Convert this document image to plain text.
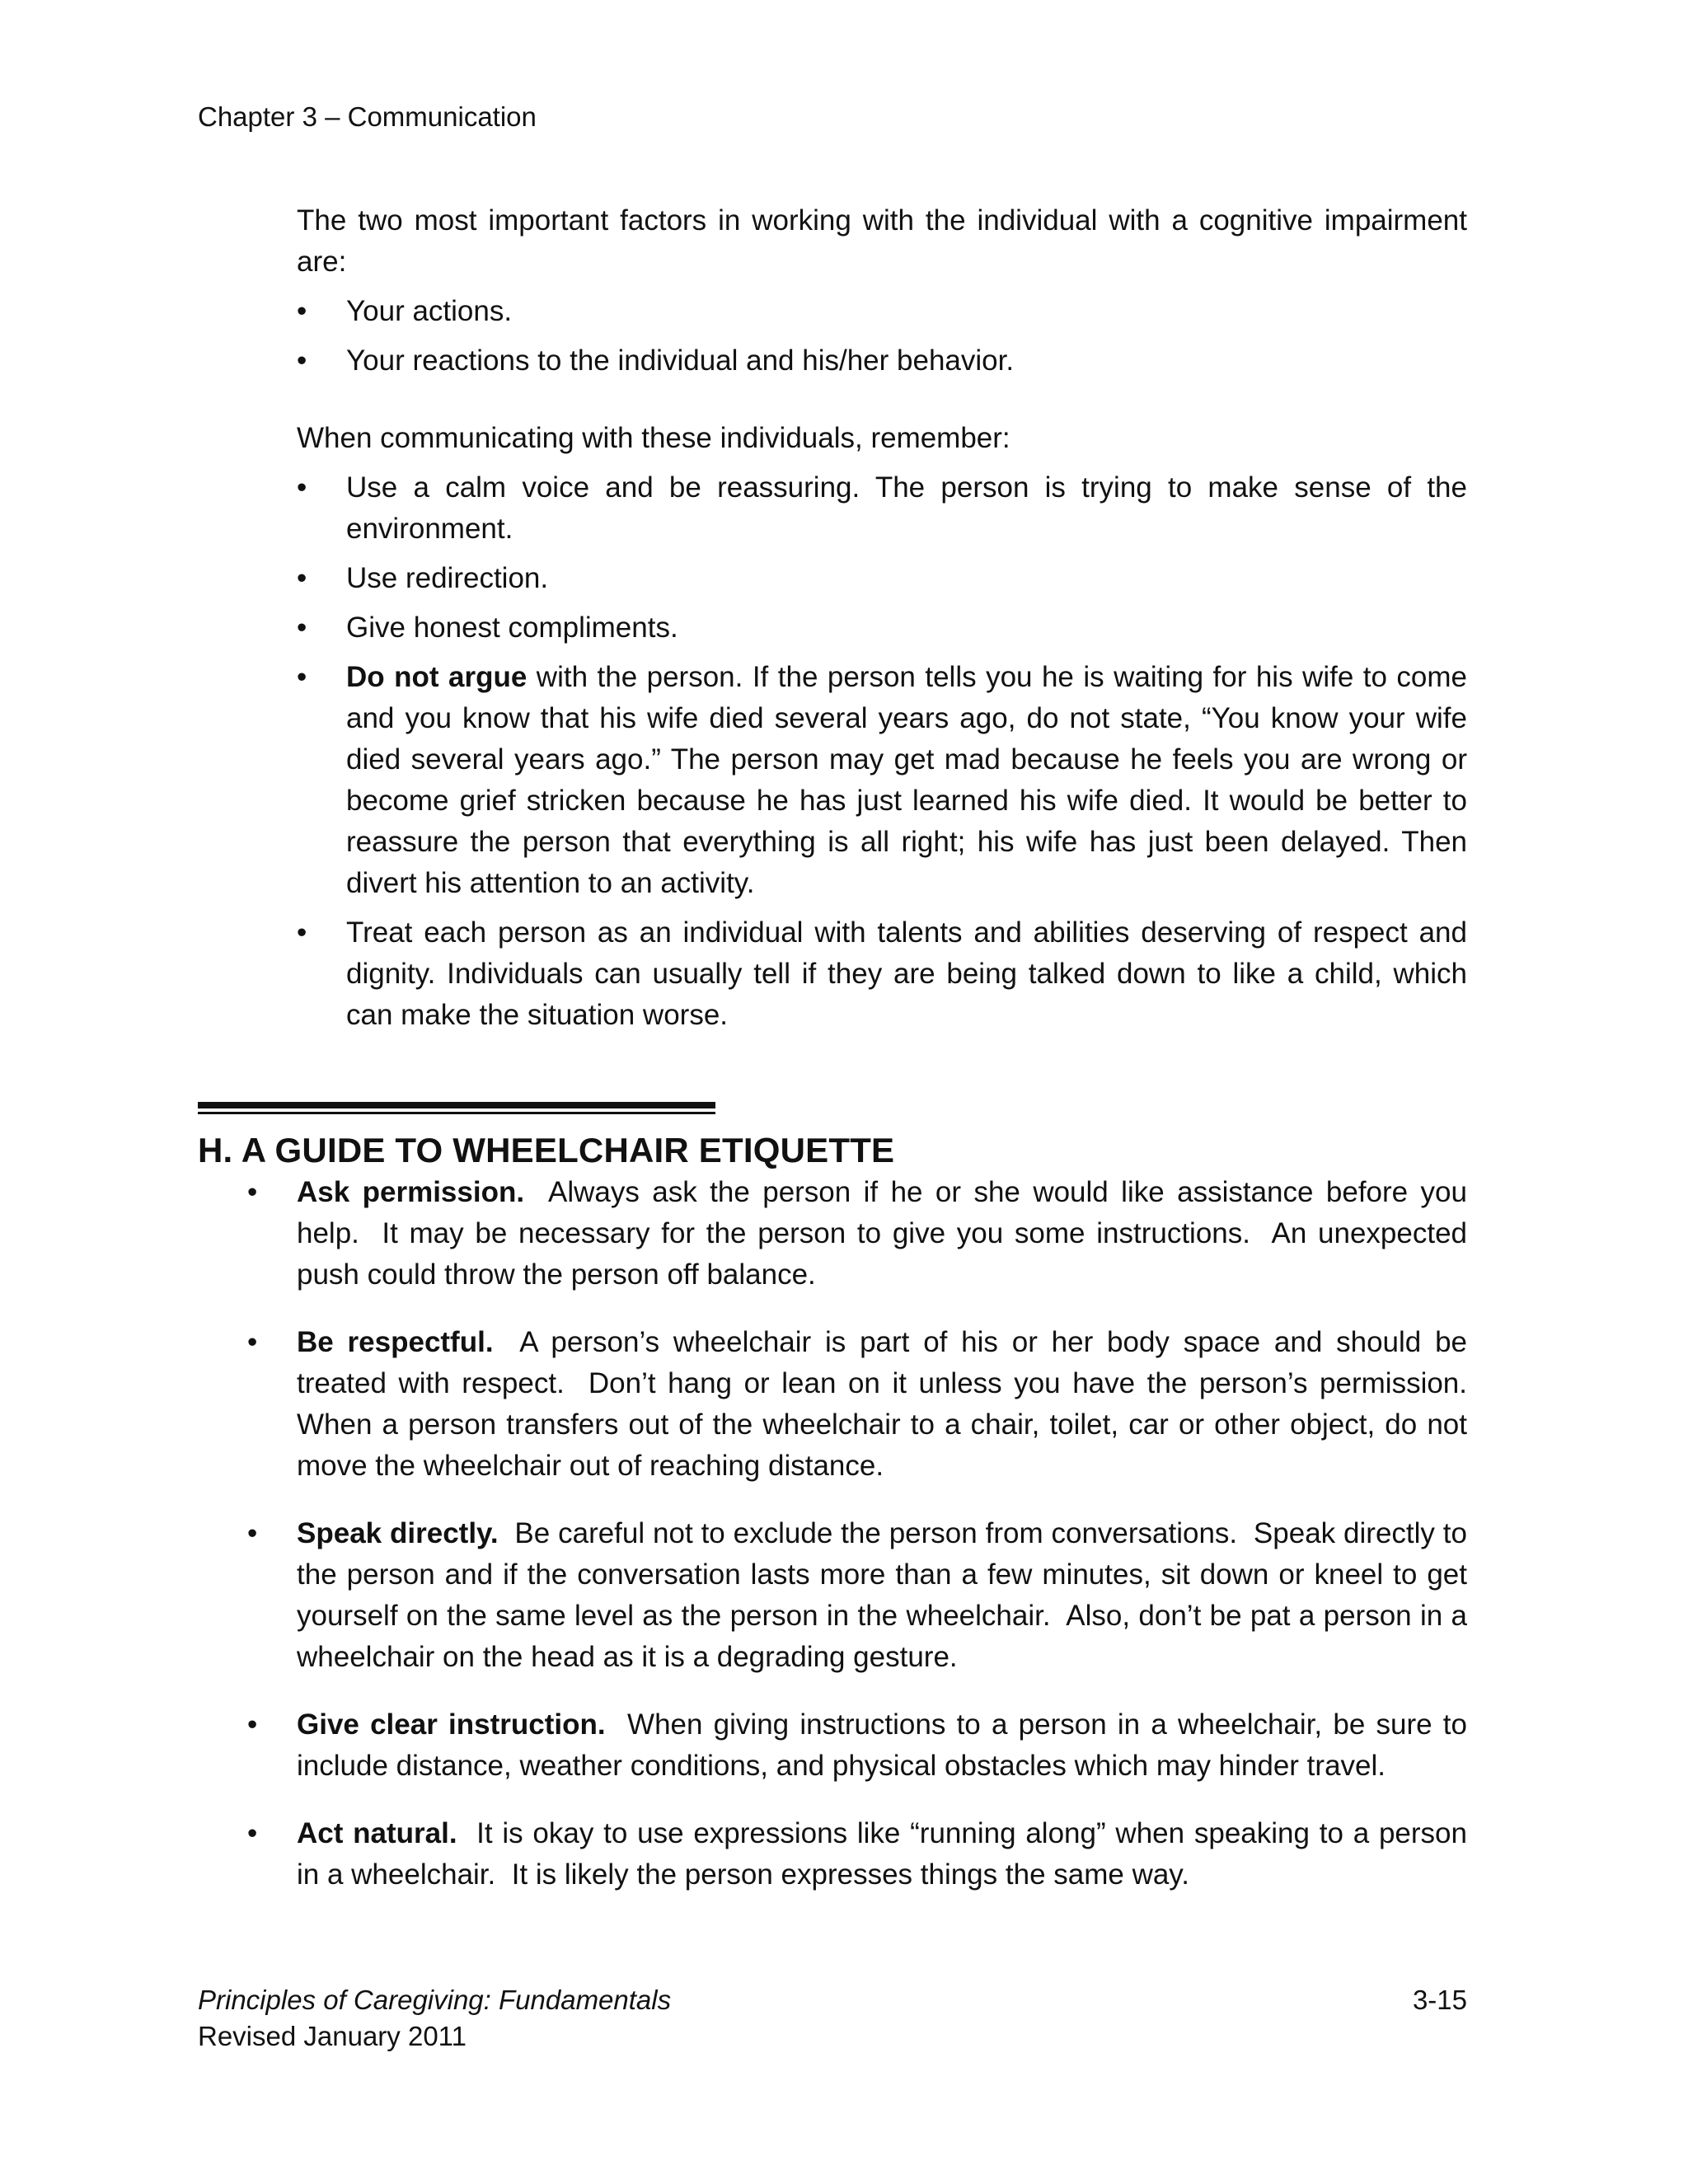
Chapter 3 – Communication

The two most important factors in working with the individual with a cognitive impairment are:

• Your actions.
• Your reactions to the individual and his/her behavior.

When communicating with these individuals, remember:

• Use a calm voice and be reassuring. The person is trying to make sense of the environment.
• Use redirection.
• Give honest compliments.
• Do not argue with the person. If the person tells you he is waiting for his wife to come and you know that his wife died several years ago, do not state, “You know your wife died several years ago.” The person may get mad because he feels you are wrong or become grief stricken because he has just learned his wife died. It would be better to reassure the person that everything is all right; his wife has just been delayed. Then divert his attention to an activity.
• Treat each person as an individual with talents and abilities deserving of respect and dignity. Individuals can usually tell if they are being talked down to like a child, which can make the situation worse.
H. A GUIDE TO WHEELCHAIR ETIQUETTE
• Ask permission.  Always ask the person if he or she would like assistance before you help.  It may be necessary for the person to give you some instructions.  An unexpected push could throw the person off balance.
• Be respectful.  A person’s wheelchair is part of his or her body space and should be treated with respect.  Don’t hang or lean on it unless you have the person’s permission.  When a person transfers out of the wheelchair to a chair, toilet, car or other object, do not move the wheelchair out of reaching distance.
• Speak directly.  Be careful not to exclude the person from conversations.  Speak directly to the person and if the conversation lasts more than a few minutes, sit down or kneel to get yourself on the same level as the person in the wheelchair.  Also, don’t be pat a person in a wheelchair on the head as it is a degrading gesture.
• Give clear instruction.  When giving instructions to a person in a wheelchair, be sure to include distance, weather conditions, and physical obstacles which may hinder travel.
• Act natural.  It is okay to use expressions like “running along” when speaking to a person in a wheelchair.  It is likely the person expresses things the same way.
Principles of Caregiving: Fundamentals	3-15
Revised January 2011
